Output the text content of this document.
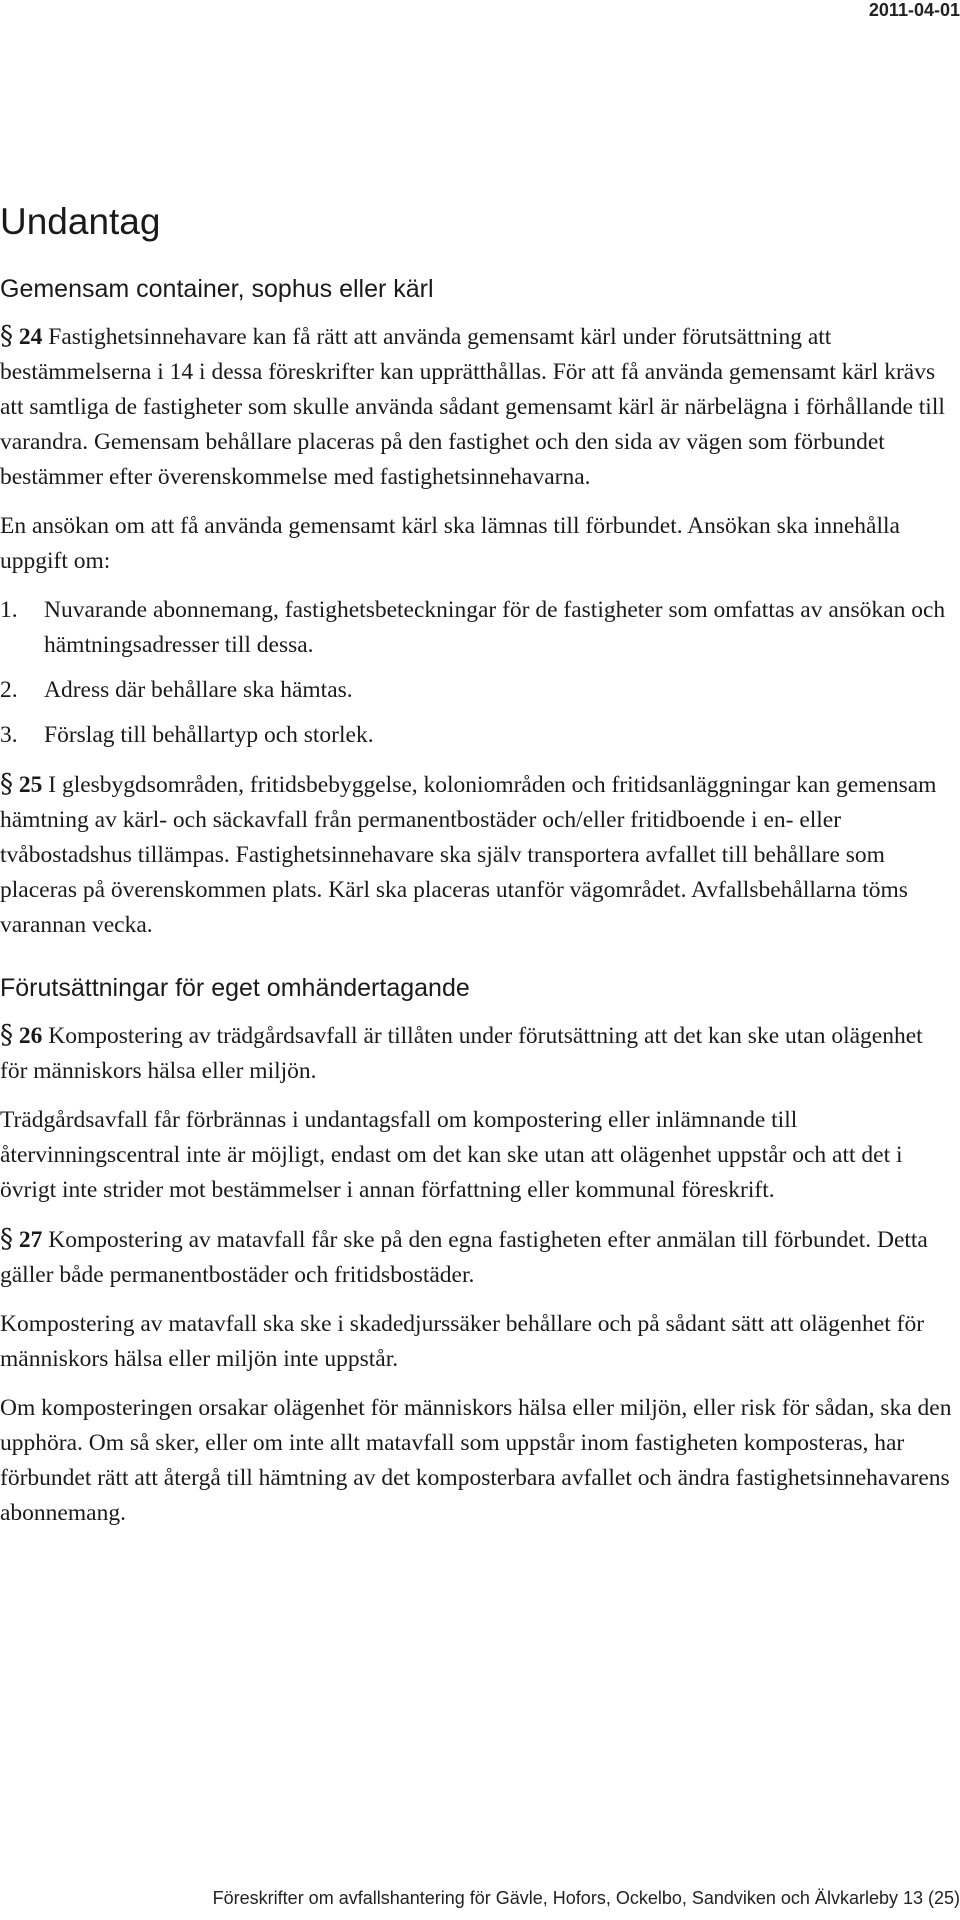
2011-04-01
Undantag
Gemensam container, sophus eller kärl

§ 24 Fastighetsinnehavare kan få rätt att använda gemensamt kärl under förutsättning att bestämmelserna i 14 i dessa föreskrifter kan upprätthållas. För att få använda gemensamt kärl krävs att samtliga de fastigheter som skulle använda sådant gemensamt kärl är närbelägna i förhållande till varandra. Gemensam behållare placeras på den fastighet och den sida av vägen som förbundet bestämmer efter överenskommelse med fastighetsinnehavarna.

En ansökan om att få använda gemensamt kärl ska lämnas till förbundet. Ansökan ska innehålla uppgift om:

1.	Nuvarande abonnemang, fastighetsbeteckningar för de fastigheter som omfattas av ansökan och hämtningsadresser till dessa.
2.	Adress där behållare ska hämtas.
3.	Förslag till behållartyp och storlek.

§ 25 I glesbygdsområden, fritidsbebyggelse, koloniområden och fritidsanläggningar kan gemensam hämtning av kärl- och säckavfall från permanentbostäder och/eller fritidboende i en- eller tvåbostadshus tillämpas. Fastighetsinnehavare ska själv transportera avfallet till behållare som placeras på överenskommen plats. Kärl ska placeras utanför vägområdet. Avfallsbehållarna töms varannan vecka.

Förutsättningar för eget omhändertagande

§ 26 Kompostering av trädgårdsavfall är tillåten under förutsättning att det kan ske utan olägenhet för människors hälsa eller miljön.

Trädgårdsavfall får förbrännas i undantagsfall om kompostering eller inlämnande till återvinningscentral inte är möjligt, endast om det kan ske utan att olägenhet uppstår och att det i övrigt inte strider mot bestämmelser i annan författning eller kommunal föreskrift.

§ 27 Kompostering av matavfall får ske på den egna fastigheten efter anmälan till förbundet. Detta gäller både permanentbostäder och fritidsbostäder.

Kompostering av matavfall ska ske i skadedjurssäker behållare och på sådant sätt att olägenhet för människors hälsa eller miljön inte uppstår.

Om komposteringen orsakar olägenhet för människors hälsa eller miljön, eller risk för sådan, ska den upphöra. Om så sker, eller om inte allt matavfall som uppstår inom fastigheten komposteras, har förbundet rätt att återgå till hämtning av det komposterbara avfallet och ändra fastighetsinnehavarens abonnemang.

Föreskrifter om avfallshantering för Gävle, Hofors, Ockelbo, Sandviken och Älvkarleby 13 (25)
